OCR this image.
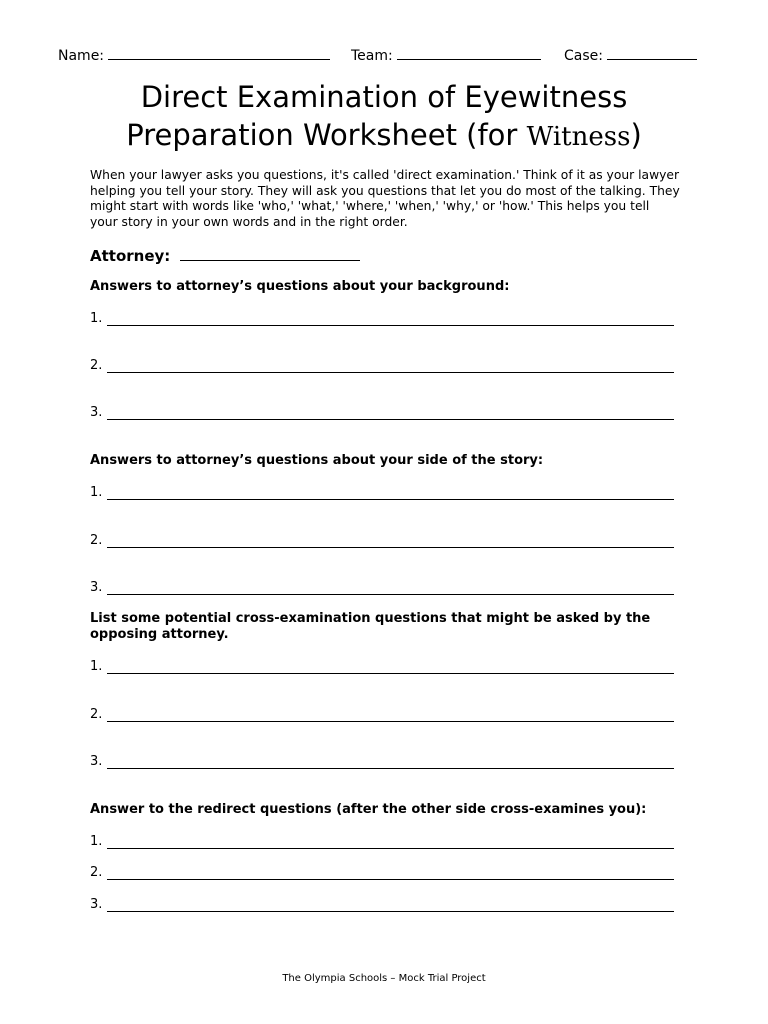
Name:	Team:	Case:
Direct Examination of Eyewitness
Preparation Worksheet (for Witness)
When your lawyer asks you questions, it's called 'direct examination.' Think of it as your lawyer helping you tell your story. They will ask you questions that let you do most of the talking. They might start with words like 'who,' 'what,' 'where,' 'when,' 'why,' or 'how.' This helps you tell your story in your own words and in the right order.
Attorney:
Answers to attorney’s questions about your background:
1.
2.
3.
Answers to attorney’s questions about your side of the story:
1.
2.
3.
List some potential cross-examination questions that might be asked by the opposing attorney.
1.
2.
3.
Answer to the redirect questions (after the other side cross-examines you):
1.
2.
3.
The Olympia Schools – Mock Trial Project
